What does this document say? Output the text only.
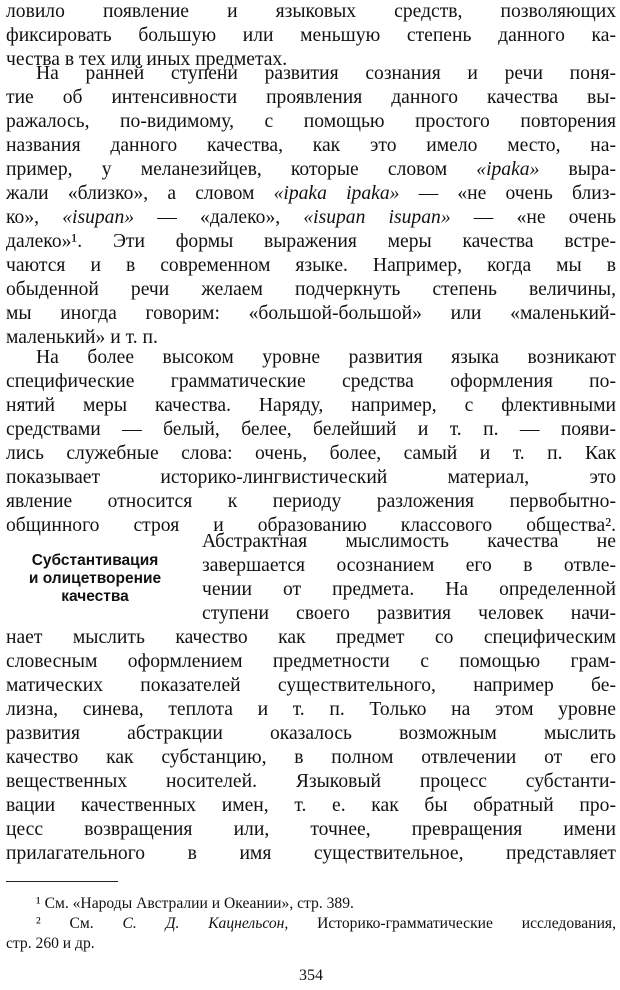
ловило появление и языковых средств, позволяющих
фиксировать большую или меньшую степень данного ка-
чества в тех или иных предметах.

На ранней ступени развития сознания и речи поня-
тие об интенсивности проявления данного качества вы-
ражалось, по-видимому, с помощью простого повторения
названия данного качества, как это имело место, на-
пример, у меланезийцев, которые словом «ipaka» выра-
жали «близко», а словом «ipaka ipaka» — «не очень близ-
ко», «isupan» — «далеко», «isupan isupan» — «не очень
далеко»¹. Эти формы выражения меры качества встре-
чаются и в современном языке. Например, когда мы в
обыденной речи желаем подчеркнуть степень величины,
мы иногда говорим: «большой-большой» или «маленький-
маленький» и т. п.

На более высоком уровне развития языка возникают
специфические грамматические средства оформления по-
нятий меры качества. Наряду, например, с флективными
средствами — белый, белее, белейший и т. п. — появи-
лись служебные слова: очень, более, самый и т. п. Как
показывает историко-лингвистический материал, это
явление относится к периоду разложения первобытно-
общинного строя и образованию классового общества².

Субстантивация
и олицетворение
качества

Абстрактная мыслимость качества не
завершается осознанием его в отвле-
чении от предмета. На определенной
ступени своего развития человек начи-

нает мыслить качество как предмет со специфическим
словесным оформлением предметности с помощью грам-
матических показателей существительного, например бе-
лизна, синева, теплота и т. п. Только на этом уровне
развития абстракции оказалось возможным мыслить
качество как субстанцию, в полном отвлечении от его
вещественных носителей. Языковый процесс субстанти-
вации качественных имен, т. е. как бы обратный про-
цесс возвращения или, точнее, превращения имени
прилагательного в имя существительное, представляет

¹ См. «Народы Австралии и Океании», стр. 389.
² См. С. Д. Кацнельсон, Историко-грамматические исследования,
стр. 260 и др.
354
